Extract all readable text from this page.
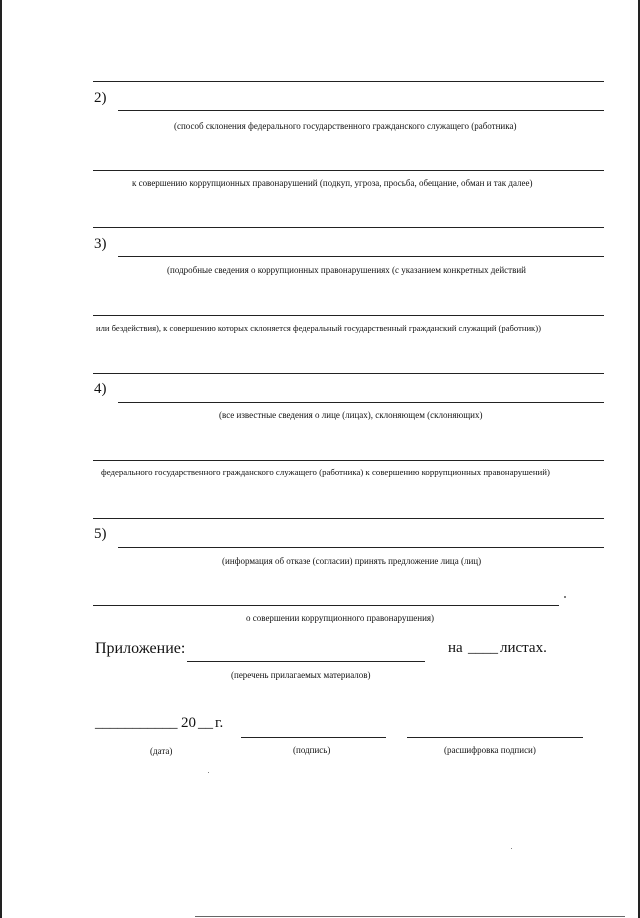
2)
(способ склонения федерального государственного гражданского служащего (работника)
к совершению коррупционных правонарушений (подкуп, угроза, просьба, обещание, обман и так далее)
3)
(подробные сведения о коррупционных правонарушениях (с указанием конкретных действий
или бездействия), к совершению которых склоняется федеральный государственный гражданский служащий (работник))
4)
(все известные сведения о лице (лицах), склоняющем (склоняющих)
федерального государственного гражданского служащего (работника) к совершению коррупционных правонарушений)
5)
(информация об отказе (согласии) принять предложение лица (лиц)
о совершении коррупционного правонарушения)
Приложение:	на ____ листах.
(перечень прилагаемых материалов)
___________ 20 __ г.
(дата)	(подпись)	(расшифровка подписи)
